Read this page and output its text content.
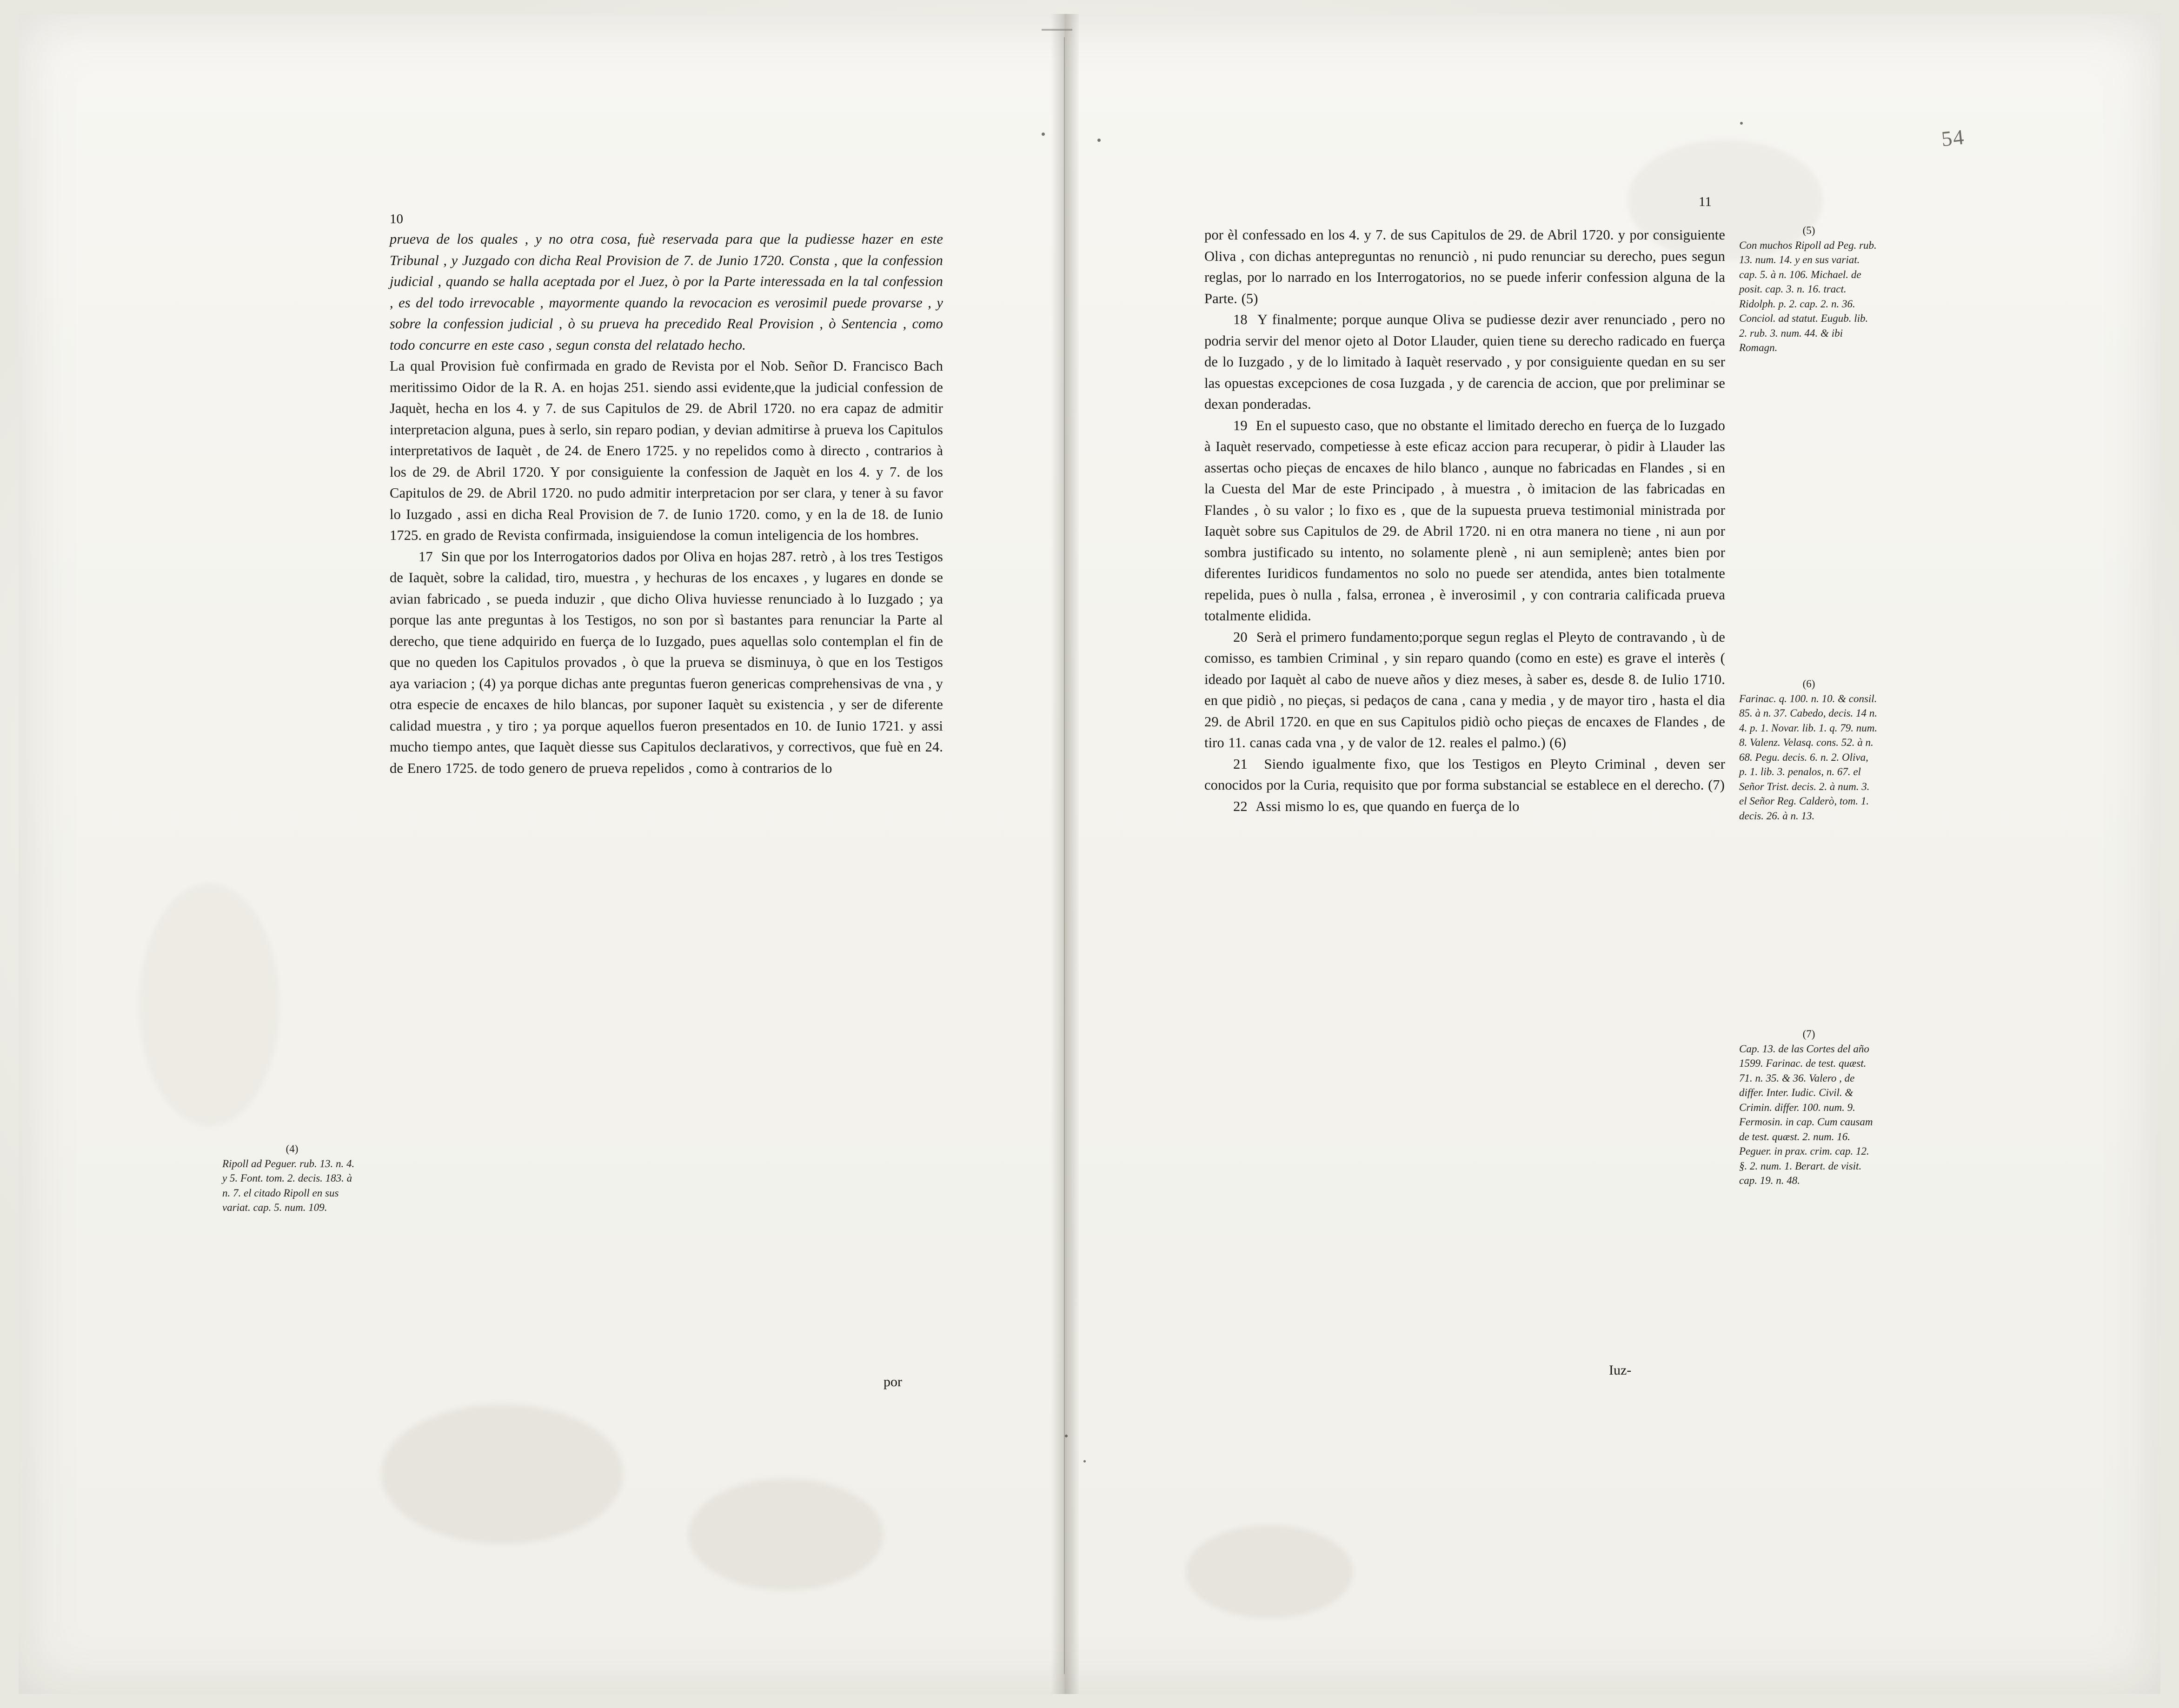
10

prueva de los quales , y no otra cosa, fuè reservada para que la pudiesse hazer en este Tribunal , y Juzgado con dicha Real Provision de 7. de Junio 1720. Consta , que la confession judicial , quando se halla aceptada por el Juez, ò por la Parte interessada en la tal confession , es del todo irrevocable , mayormente quando la revocacion es verosimil puede provarse , y sobre la confession judicial , ò su prueva ha precedido Real Provision , ò Sentencia , como todo concurre en este caso , segun consta del relatado hecho.

La qual Provision fuè confirmada en grado de Revista por el Nob. Señor D. Francisco Bach meritissimo Oidor de la R. A. en hojas 251. siendo assi evidente,que la judicial confession de Jaquèt, hecha en los 4. y 7. de sus Capitulos de 29. de Abril 1720. no era capaz de admitir interpretacion alguna, pues à serlo, sin reparo podian, y devian admitirse à prueva los Capitulos interpretativos de Iaquèt , de 24. de Enero 1725. y no repelidos como à directo , contrarios à los de 29. de Abril 1720. Y por consiguiente la confession de Jaquèt en los 4. y 7. de los Capitulos de 29. de Abril 1720. no pudo admitir interpretacion por ser clara, y tener à su favor lo Iuzgado , assi en dicha Real Provision de 7. de Iunio 1720. como, y en la de 18. de Iunio 1725. en grado de Revista confirmada, insiguiendose la comun inteligencia de los hombres.

17 Sin que por los Interrogatorios dados por Oliva en hojas 287. retrò , à los tres Testigos de Iaquèt, sobre la calidad, tiro, muestra , y hechuras de los encaxes , y lugares en donde se avian fabricado , se pueda induzir , que dicho Oliva huviesse renunciado à lo Iuzgado ; ya porque las ante preguntas à los Testigos, no son por sì bastantes para renunciar la Parte al derecho, que tiene adquirido en fuerça de lo Iuzgado, pues aquellas solo contemplan el fin de que no queden los Capitulos provados , ò que la prueva se disminuya, ò que en los Testigos aya variacion ; (4) ya porque dichas ante preguntas fueron genericas comprehensivas de vna , y otra especie de encaxes de hilo blancas, por suponer Iaquèt su existencia , y ser de diferente calidad muestra , y tiro ; ya porque aquellos fueron presentados en 10. de Iunio 1721. y assi mucho tiempo antes, que Iaquèt diesse sus Capitulos declarativos, y correctivos, que fuè en 24. de Enero 1725. de todo genero de prueva repelidos , como à contrarios de lo

por

(4)

Ripoll ad Peguer. rub. 13. n. 4. y 5. Font. tom. 2. decis. 183. à n. 7. el citado Ripoll en sus variat. cap. 5. num. 109.

11

por èl confessado en los 4. y 7. de sus Capitulos de 29. de Abril 1720. y por consiguiente Oliva , con dichas antepreguntas no renunciò , ni pudo renunciar su derecho, pues segun reglas, por lo narrado en los Interrogatorios, no se puede inferir confession alguna de la Parte. (5)

18 Y finalmente; porque aunque Oliva se pudiesse dezir aver renunciado , pero no podria servir del menor ojeto al Dotor Llauder, quien tiene su derecho radicado en fuerça de lo Iuzgado , y de lo limitado à Iaquèt reservado , y por consiguiente quedan en su ser las opuestas excepciones de cosa Iuzgada , y de carencia de accion, que por preliminar se dexan ponderadas.

19 En el supuesto caso, que no obstante el limitado derecho en fuerça de lo Iuzgado à Iaquèt reservado, competiesse à este eficaz accion para recuperar, ò pidir à Llauder las assertas ocho pieças de encaxes de hilo blanco , aunque no fabricadas en Flandes , si en la Cuesta del Mar de este Principado , à muestra , ò imitacion de las fabricadas en Flandes , ò su valor ; lo fixo es , que de la supuesta prueva testimonial ministrada por Iaquèt sobre sus Capitulos de 29. de Abril 1720. ni en otra manera no tiene , ni aun por sombra justificado su intento, no solamente plenè , ni aun semiplenè; antes bien por diferentes Iuridicos fundamentos no solo no puede ser atendida, antes bien totalmente repelida, pues ò nulla , falsa, erronea , è inverosimil , y con contraria calificada prueva totalmente elidida.

20 Serà el primero fundamento;porque segun reglas el Pleyto de contravando , ù de comisso, es tambien Criminal , y sin reparo quando (como en este) es grave el interès ( ideado por Iaquèt al cabo de nueve años y diez meses, à saber es, desde 8. de Iulio 1710. en que pidiò , no pieças, si pedaços de cana , cana y media , y de mayor tiro , hasta el dia 29. de Abril 1720. en que en sus Capitulos pidiò ocho pieças de encaxes de Flandes , de tiro 11. canas cada vna , y de valor de 12. reales el palmo.) (6)

21 Siendo igualmente fixo, que los Testigos en Pleyto Criminal , deven ser conocidos por la Curia, requisito que por forma substancial se establece en el derecho. (7)

22 Assi mismo lo es, que quando en fuerça de lo

Iuz-

(5)

Con muchos Ripoll ad Peg. rub. 13. num. 14. y en sus variat. cap. 5. à n. 106. Michael. de posit. cap. 3. n. 16. tract. Ridolph. p. 2. cap. 2. n. 36. Conciol. ad statut. Eugub. lib. 2. rub. 3. num. 44. & ibi Romagn.

(6)

Farinac. q. 100. n. 10. & consil. 85. à n. 37. Cabedo, decis. 14 n. 4. p. 1. Novar. lib. 1. q. 79. num. 8. Valenz. Velasq. cons. 52. à n. 68. Pegu. decis. 6. n. 2. Oliva, p. 1. lib. 3. penalos, n. 67. el Señor Trist. decis. 2. à num. 3. el Señor Reg. Calderò, tom. 1. decis. 26. à n. 13.

(7)

Cap. 13. de las Cortes del año 1599. Farinac. de test. quæst. 71. n. 35. & 36. Valero , de differ. Inter. Iudic. Civil. & Crimin. differ. 100. num. 9. Fermosin. in cap. Cum causam de test. quæst. 2. num. 16. Peguer. in prax. crim. cap. 12. §. 2. num. 1. Berart. de visit. cap. 19. n. 48.

54
